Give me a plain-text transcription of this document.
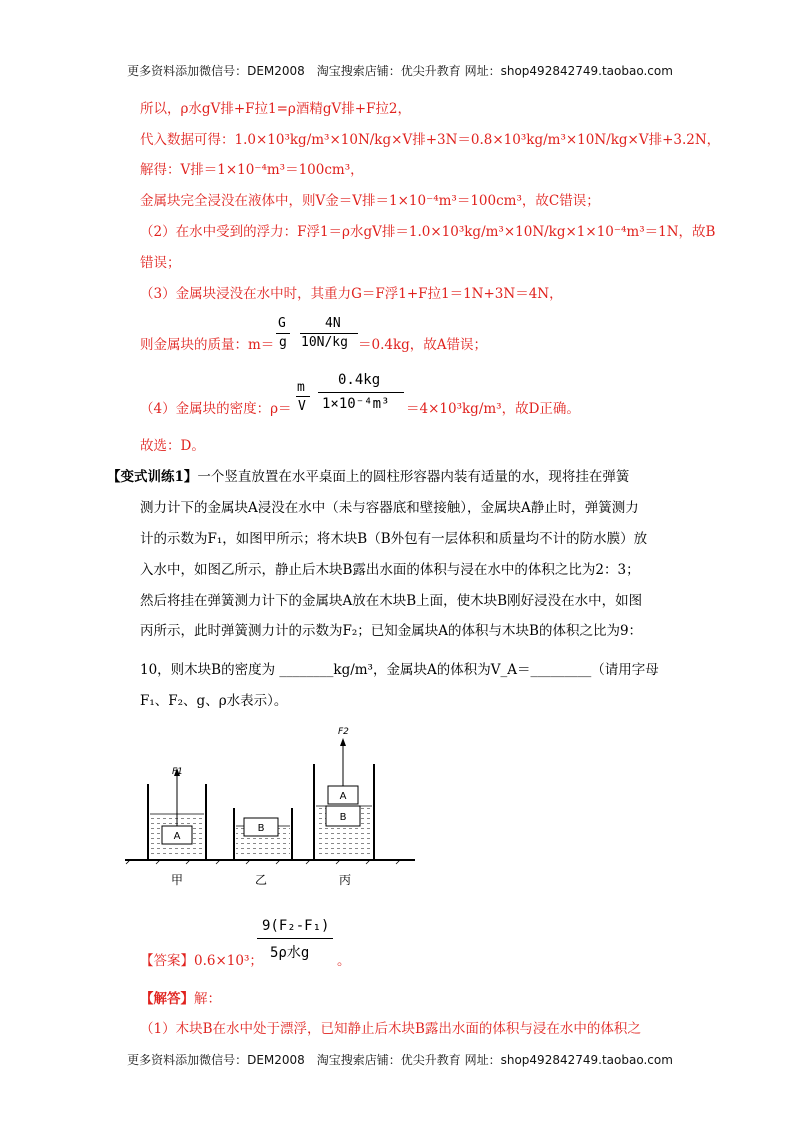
更多资料添加微信号：DEM2008　淘宝搜索店铺：优尖升教育 网址：shop492842749.taobao.com
所以，ρ水gV排+F拉1=ρ酒精gV排+F拉2，
代入数据可得：1.0×10³kg/m³×10N/kg×V排+3N＝0.8×10³kg/m³×10N/kg×V排+3.2N，
解得：V排＝1×10⁻⁴m³＝100cm³，
金属块完全浸没在液体中，则V金＝V排＝1×10⁻⁴m³＝100cm³，故C错误；
（2）在水中受到的浮力：F浮1＝ρ水gV排＝1.0×10³kg/m³×10N/kg×1×10⁻⁴m³＝1N，故B
错误；
（3）金属块浸没在水中时，其重力G＝F浮1+F拉1＝1N+3N＝4N，
则金属块的质量：m＝
G
g
4N
10N/kg ＝0.4kg，故A错误；
（4）金属块的密度：ρ＝
m
V
0.4kg
1×10⁻⁴m³ ＝4×10³kg/m³，故D正确。
故选：D。
【变式训练1】一个竖直放置在水平桌面上的圆柱形容器内装有适量的水，现将挂在弹簧
测力计下的金属块A浸没在水中（未与容器底和壁接触），金属块A静止时，弹簧测力
计的示数为F₁，如图甲所示；将木块B（B外包有一层体积和质量均不计的防水膜）放
入水中，如图乙所示，静止后木块B露出水面的体积与浸在水中的体积之比为2：3；
然后将挂在弹簧测力计下的金属块A放在木块B上面，使木块B刚好浸没在水中，如图
丙所示，此时弹簧测力计的示数为F₂；已知金属块A的体积与木块B的体积之比为9：
10，则木块B的密度为 ________kg/m³，金属块A的体积为V_A＝_________（请用字母
F₁、F₂、g、ρ水表示）。
A
F1
B
B
A
F2
甲	乙	丙
【答案】0.6×10³；
9(F₂-F₁)
5ρ水g 。
【解答】解：
（1）木块B在水中处于漂浮，已知静止后木块B露出水面的体积与浸在水中的体积之
更多资料添加微信号：DEM2008　淘宝搜索店铺：优尖升教育 网址：shop492842749.taobao.com
